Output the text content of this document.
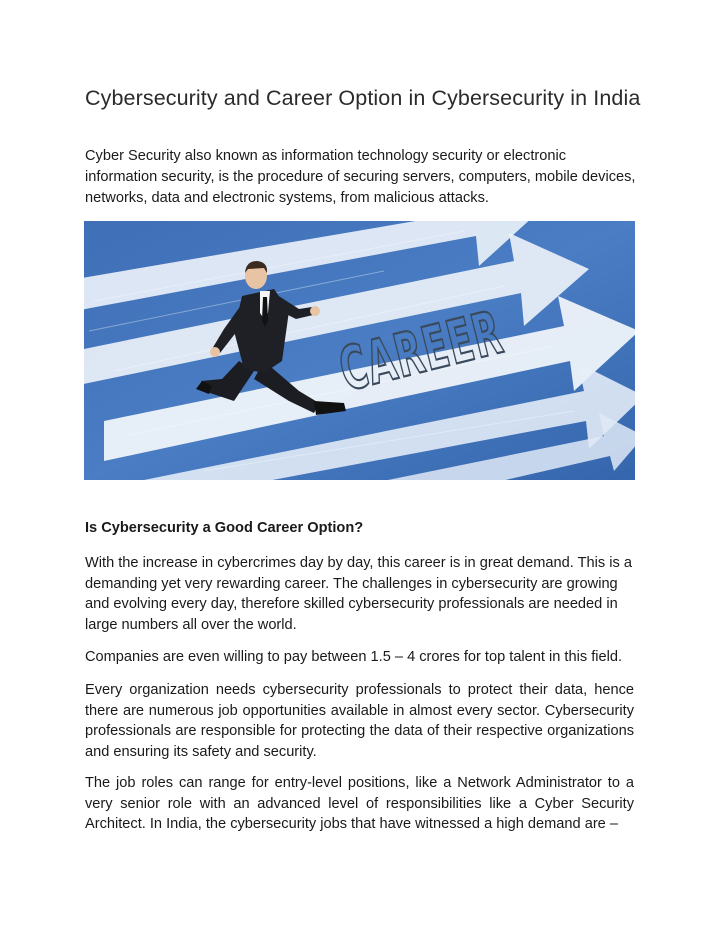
Cybersecurity and Career Option in Cybersecurity in India

Cyber Security also known as information technology security or electronic information security, is the procedure of securing servers, computers, mobile devices, networks, data and electronic systems, from malicious attacks.

CAREER
Is Cybersecurity a Good Career Option?

With the increase in cybercrimes day by day, this career is in great demand. This is a demanding yet very rewarding career. The challenges in cybersecurity are growing and evolving every day, therefore skilled cybersecurity professionals are needed in large numbers all over the world.

Companies are even willing to pay between 1.5 – 4 crores for top talent in this field.

Every organization needs cybersecurity professionals to protect their data, hence there are numerous job opportunities available in almost every sector. Cybersecurity professionals are responsible for protecting the data of their respective organizations and ensuring its safety and security.

The job roles can range for entry-level positions, like a Network Administrator to a very senior role with an advanced level of responsibilities like a Cyber Security Architect. In India, the cybersecurity jobs that have witnessed a high demand are –
